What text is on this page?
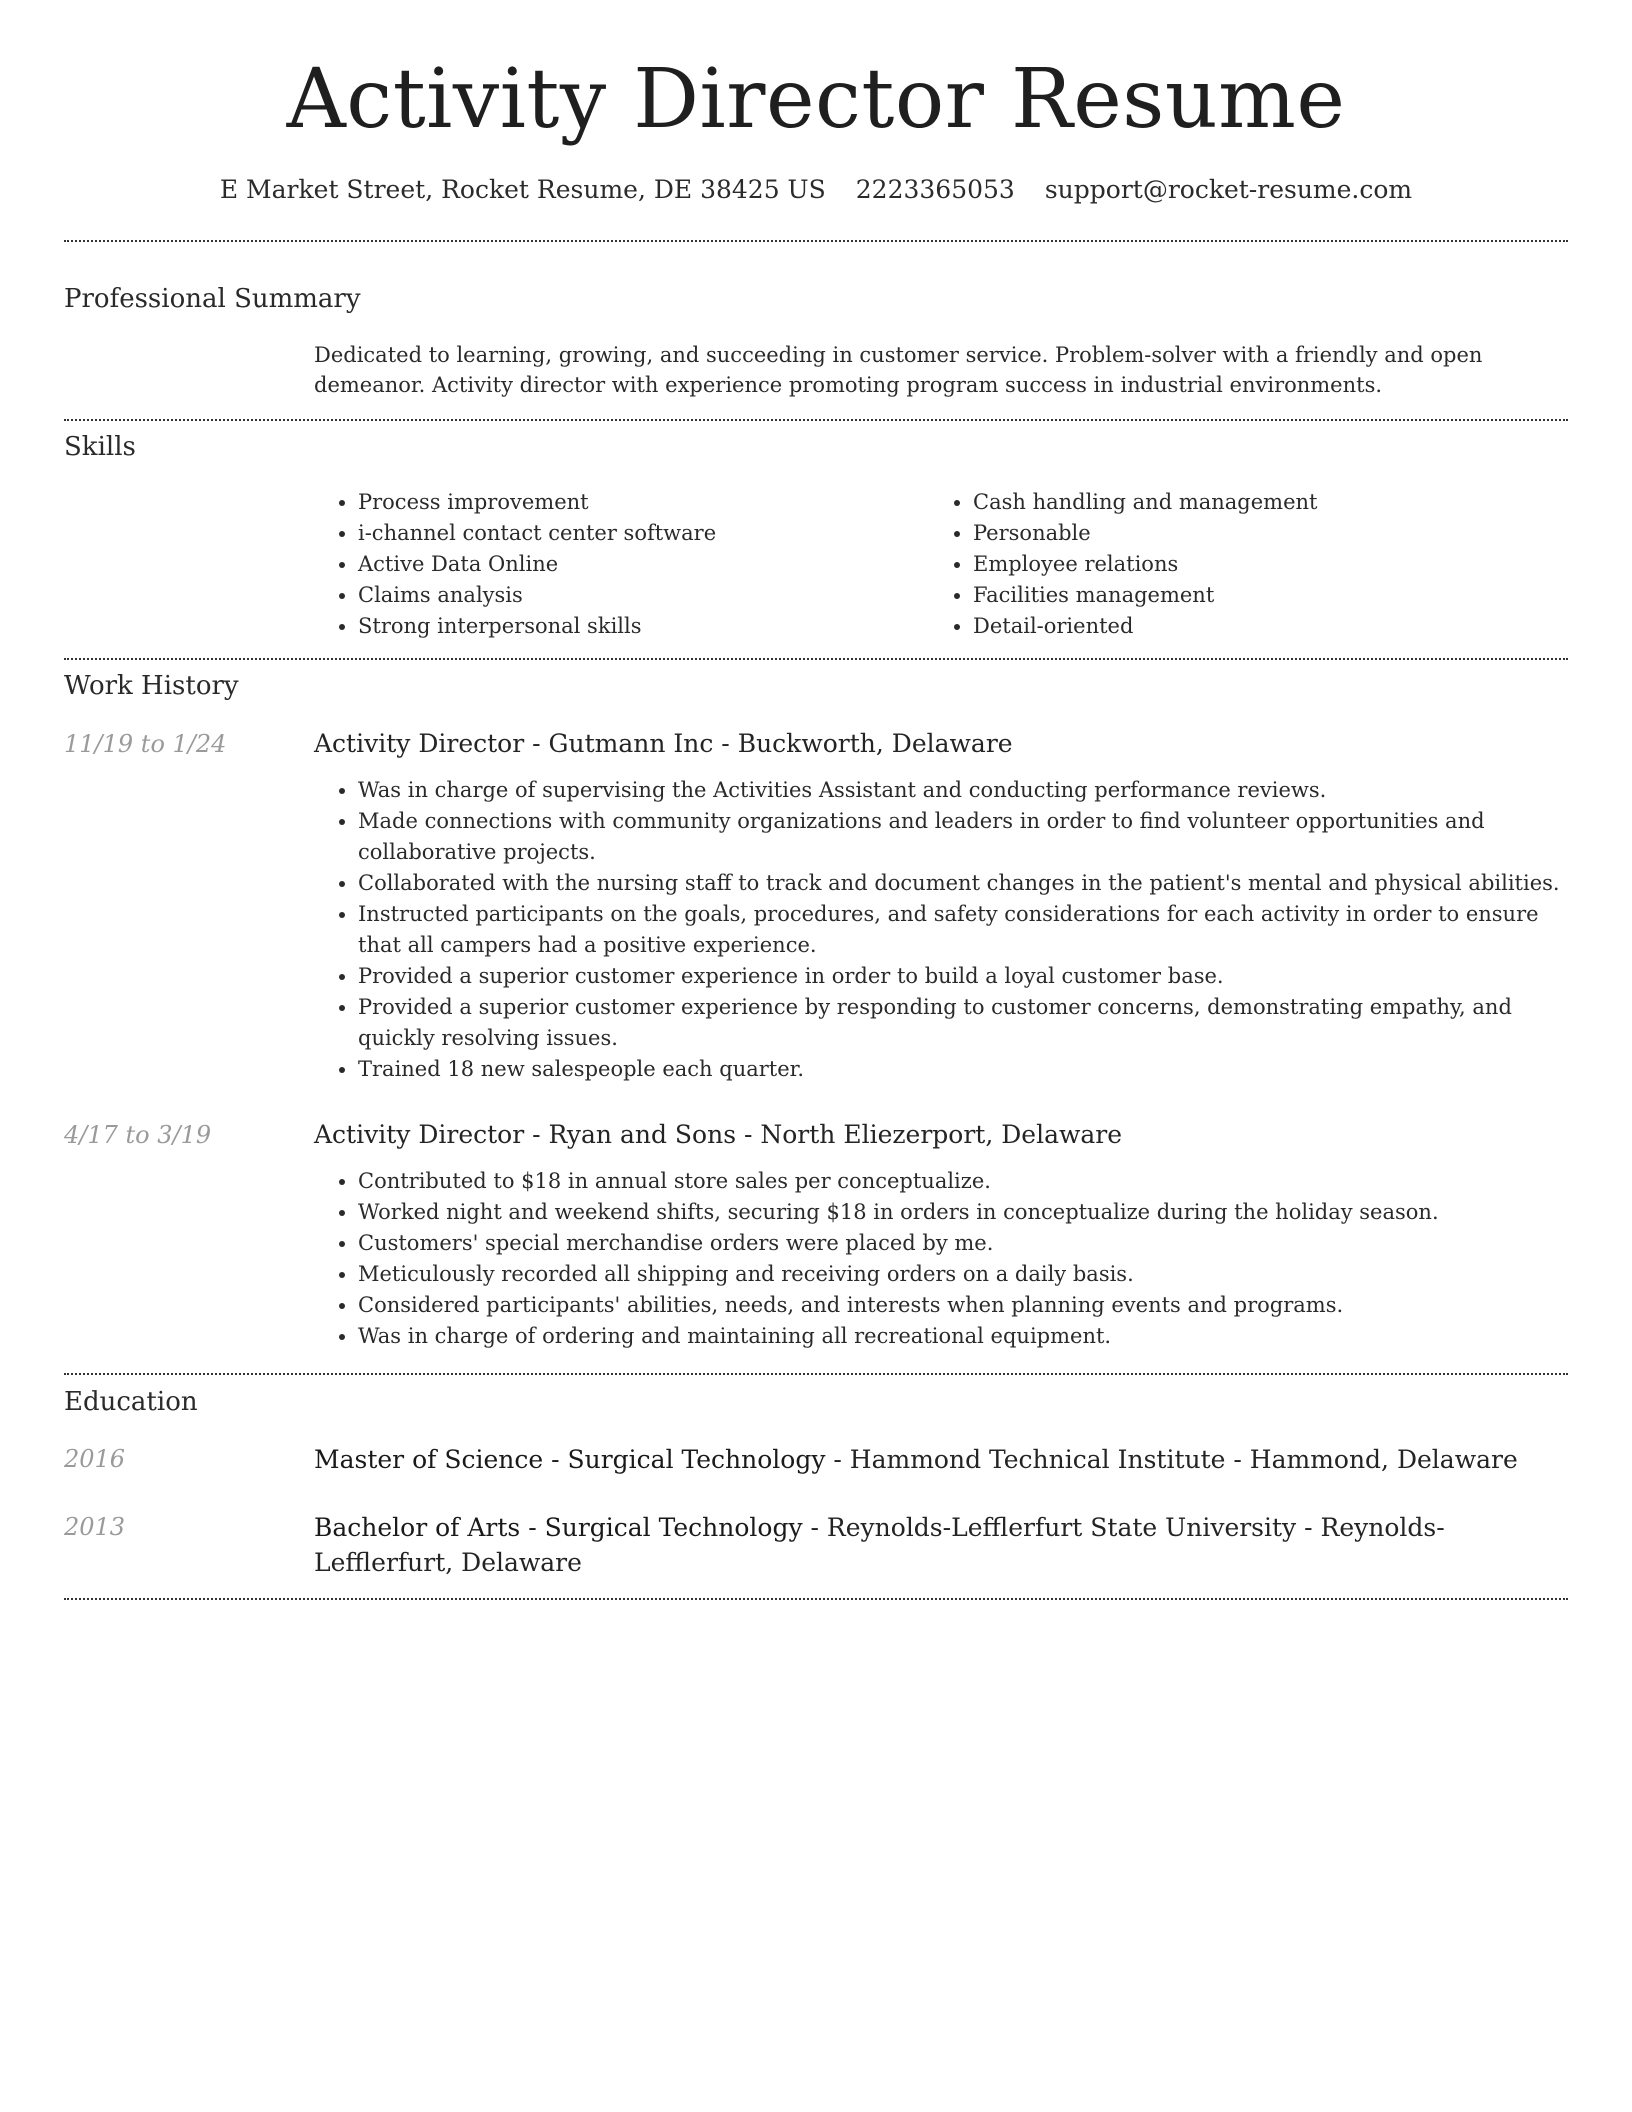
Activity Director Resume
E Market Street, Rocket Resume, DE 38425 US 2223365053 support@rocket-resume.com
Professional Summary
Dedicated to learning, growing, and succeeding in customer service. Problem-solver with a friendly and open demeanor. Activity director with experience promoting program success in industrial environments.
Skills
• Process improvement
• i-channel contact center software
• Active Data Online
• Claims analysis
• Strong interpersonal skills
• Cash handling and management
• Personable
• Employee relations
• Facilities management
• Detail-oriented
Work History
11/19 to 1/24	Activity Director - Gutmann Inc - Buckworth, Delaware
• Was in charge of supervising the Activities Assistant and conducting performance reviews.
• Made connections with community organizations and leaders in order to find volunteer opportunities and collaborative projects.
• Collaborated with the nursing staff to track and document changes in the patient's mental and physical abilities.
• Instructed participants on the goals, procedures, and safety considerations for each activity in order to ensure that all campers had a positive experience.
• Provided a superior customer experience in order to build a loyal customer base.
• Provided a superior customer experience by responding to customer concerns, demonstrating empathy, and quickly resolving issues.
• Trained 18 new salespeople each quarter.
4/17 to 3/19	Activity Director - Ryan and Sons - North Eliezerport, Delaware
• Contributed to $18 in annual store sales per conceptualize.
• Worked night and weekend shifts, securing $18 in orders in conceptualize during the holiday season.
• Customers' special merchandise orders were placed by me.
• Meticulously recorded all shipping and receiving orders on a daily basis.
• Considered participants' abilities, needs, and interests when planning events and programs.
• Was in charge of ordering and maintaining all recreational equipment.
Education
2016	Master of Science - Surgical Technology - Hammond Technical Institute - Hammond, Delaware
2013	Bachelor of Arts - Surgical Technology - Reynolds-Lefflerfurt State University - Reynolds-Lefflerfurt, Delaware
